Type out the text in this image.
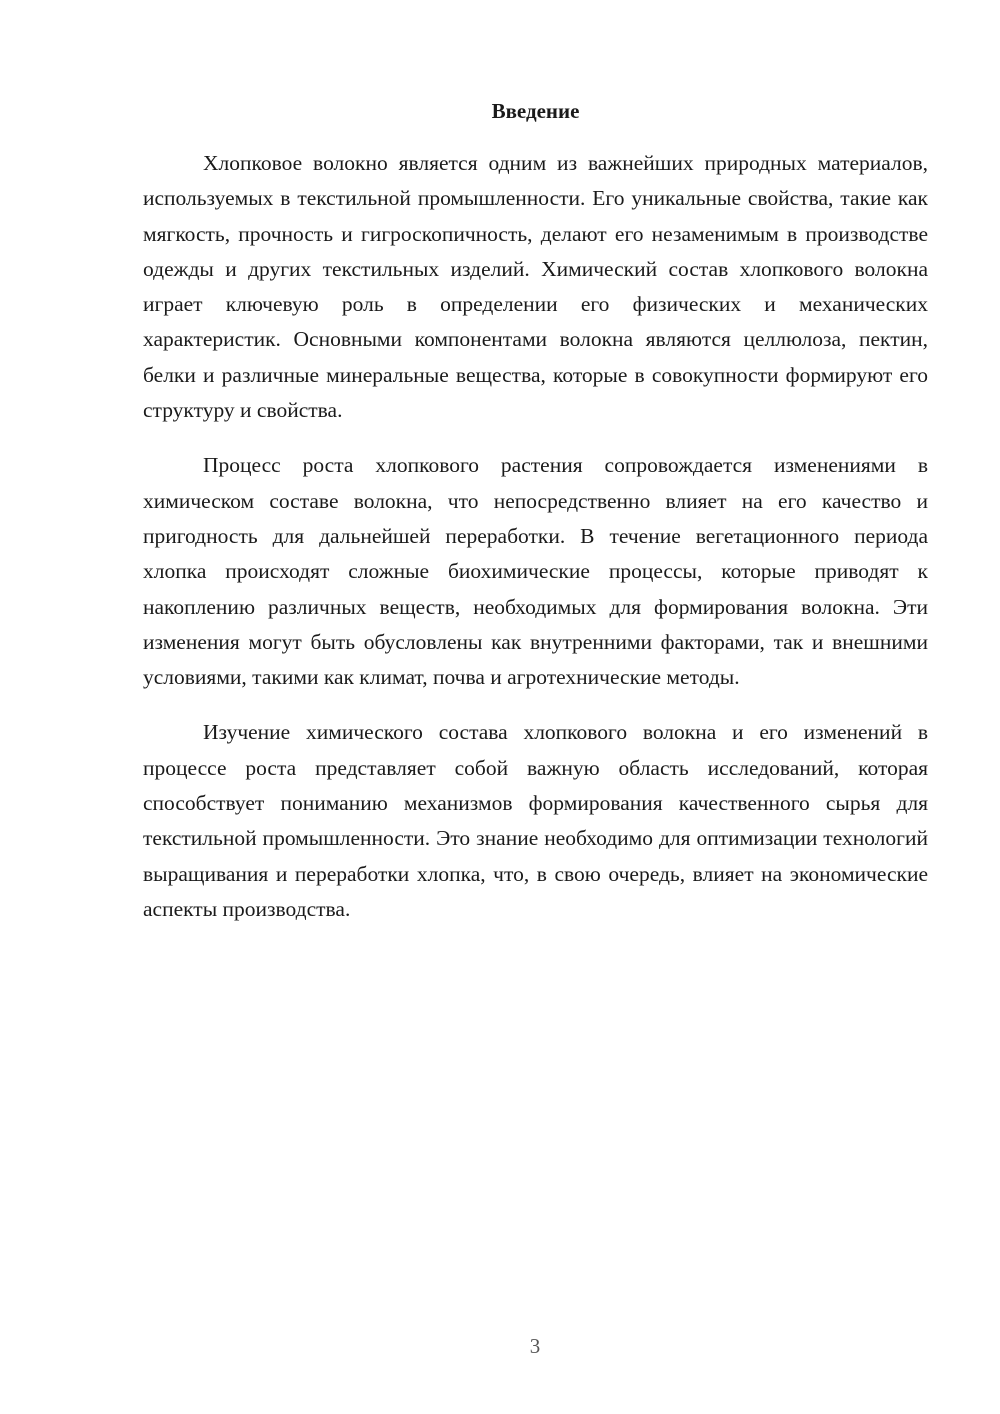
Введение

Хлопковое волокно является одним из важнейших природных материалов, используемых в текстильной промышленности. Его уникальные свойства, такие как мягкость, прочность и гигроскопичность, делают его незаменимым в производстве одежды и других текстильных изделий. Химический состав хлопкового волокна играет ключевую роль в определении его физических и механических характеристик. Основными компонентами волокна являются целлюлоза, пектин, белки и различные минеральные вещества, которые в совокупности формируют его структуру и свойства.

Процесс роста хлопкового растения сопровождается изменениями в химическом составе волокна, что непосредственно влияет на его качество и пригодность для дальнейшей переработки. В течение вегетационного периода хлопка происходят сложные биохимические процессы, которые приводят к накоплению различных веществ, необходимых для формирования волокна. Эти изменения могут быть обусловлены как внутренними факторами, так и внешними условиями, такими как климат, почва и агротехнические методы.

Изучение химического состава хлопкового волокна и его изменений в процессе роста представляет собой важную область исследований, которая способствует пониманию механизмов формирования качественного сырья для текстильной промышленности. Это знание необходимо для оптимизации технологий выращивания и переработки хлопка, что, в свою очередь, влияет на экономические аспекты производства.

3
